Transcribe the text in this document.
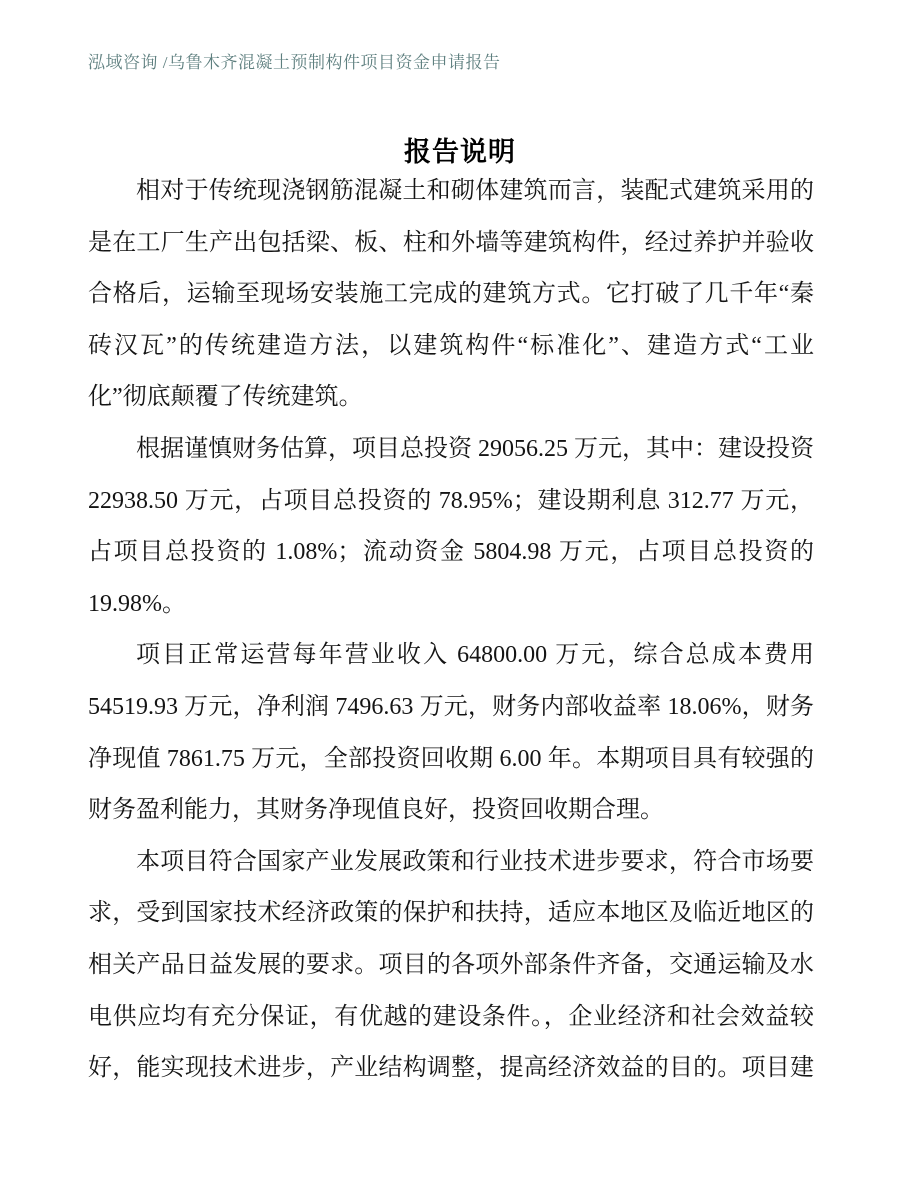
泓域咨询 /乌鲁木齐混凝土预制构件项目资金申请报告
报告说明
相对于传统现浇钢筋混凝土和砌体建筑而言，装配式建筑采用的
是在工厂生产出包括梁、板、柱和外墙等建筑构件，经过养护并验收
合格后，运输至现场安装施工完成的建筑方式。它打破了几千年“秦
砖汉瓦”的传统建造方法，以建筑构件“标准化”、建造方式“工业
化”彻底颠覆了传统建筑。
根据谨慎财务估算，项目总投资 29056.25 万元，其中：建设投资
22938.50 万元，占项目总投资的 78.95%；建设期利息 312.77 万元，
占项目总投资的 1.08%；流动资金 5804.98 万元，占项目总投资的
19.98%。
项目正常运营每年营业收入 64800.00 万元，综合总成本费用
54519.93 万元，净利润 7496.63 万元，财务内部收益率 18.06%，财务
净现值 7861.75 万元，全部投资回收期 6.00 年。本期项目具有较强的
财务盈利能力，其财务净现值良好，投资回收期合理。
本项目符合国家产业发展政策和行业技术进步要求，符合市场要
求，受到国家技术经济政策的保护和扶持，适应本地区及临近地区的
相关产品日益发展的要求。项目的各项外部条件齐备，交通运输及水
电供应均有充分保证，有优越的建设条件。，企业经济和社会效益较
好，能实现技术进步，产业结构调整，提高经济效益的目的。项目建
